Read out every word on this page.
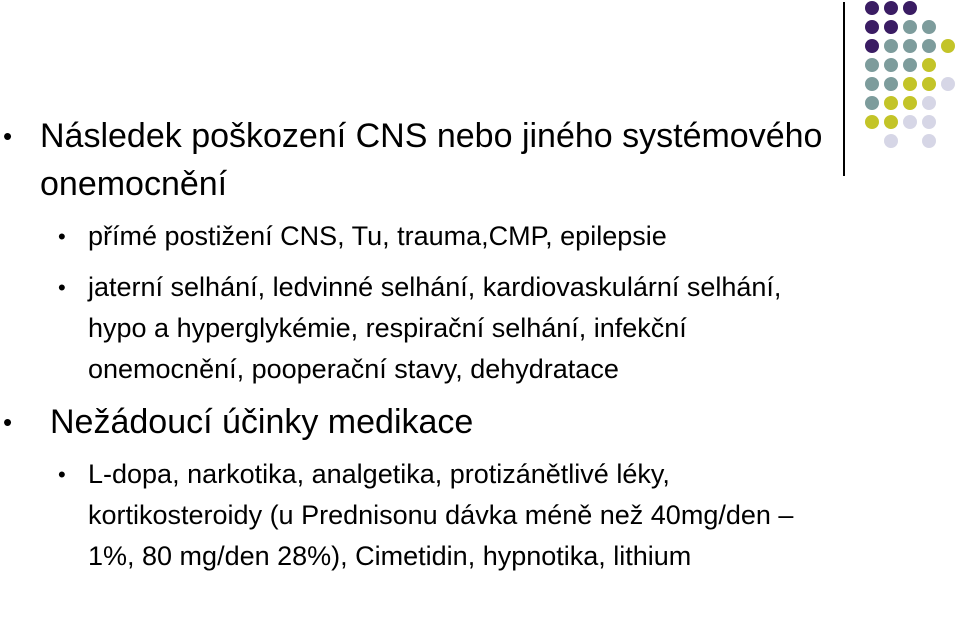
• Následek poškození CNS nebo jiného systémového onemocnění
• přímé postižení CNS, Tu, trauma,CMP, epilepsie
• jaterní selhání, ledvinné selhání, kardiovaskulární selhání, hypo a hyperglykémie, respirační selhání, infekční onemocnění, pooperační stavy, dehydratace
• Nežádoucí účinky medikace
• L-dopa, narkotika, analgetika, protizánětlivé léky, kortikosteroidy (u Prednisonu dávka méně než 40mg/den – 1%, 80 mg/den 28%), Cimetidin, hypnotika, lithium
